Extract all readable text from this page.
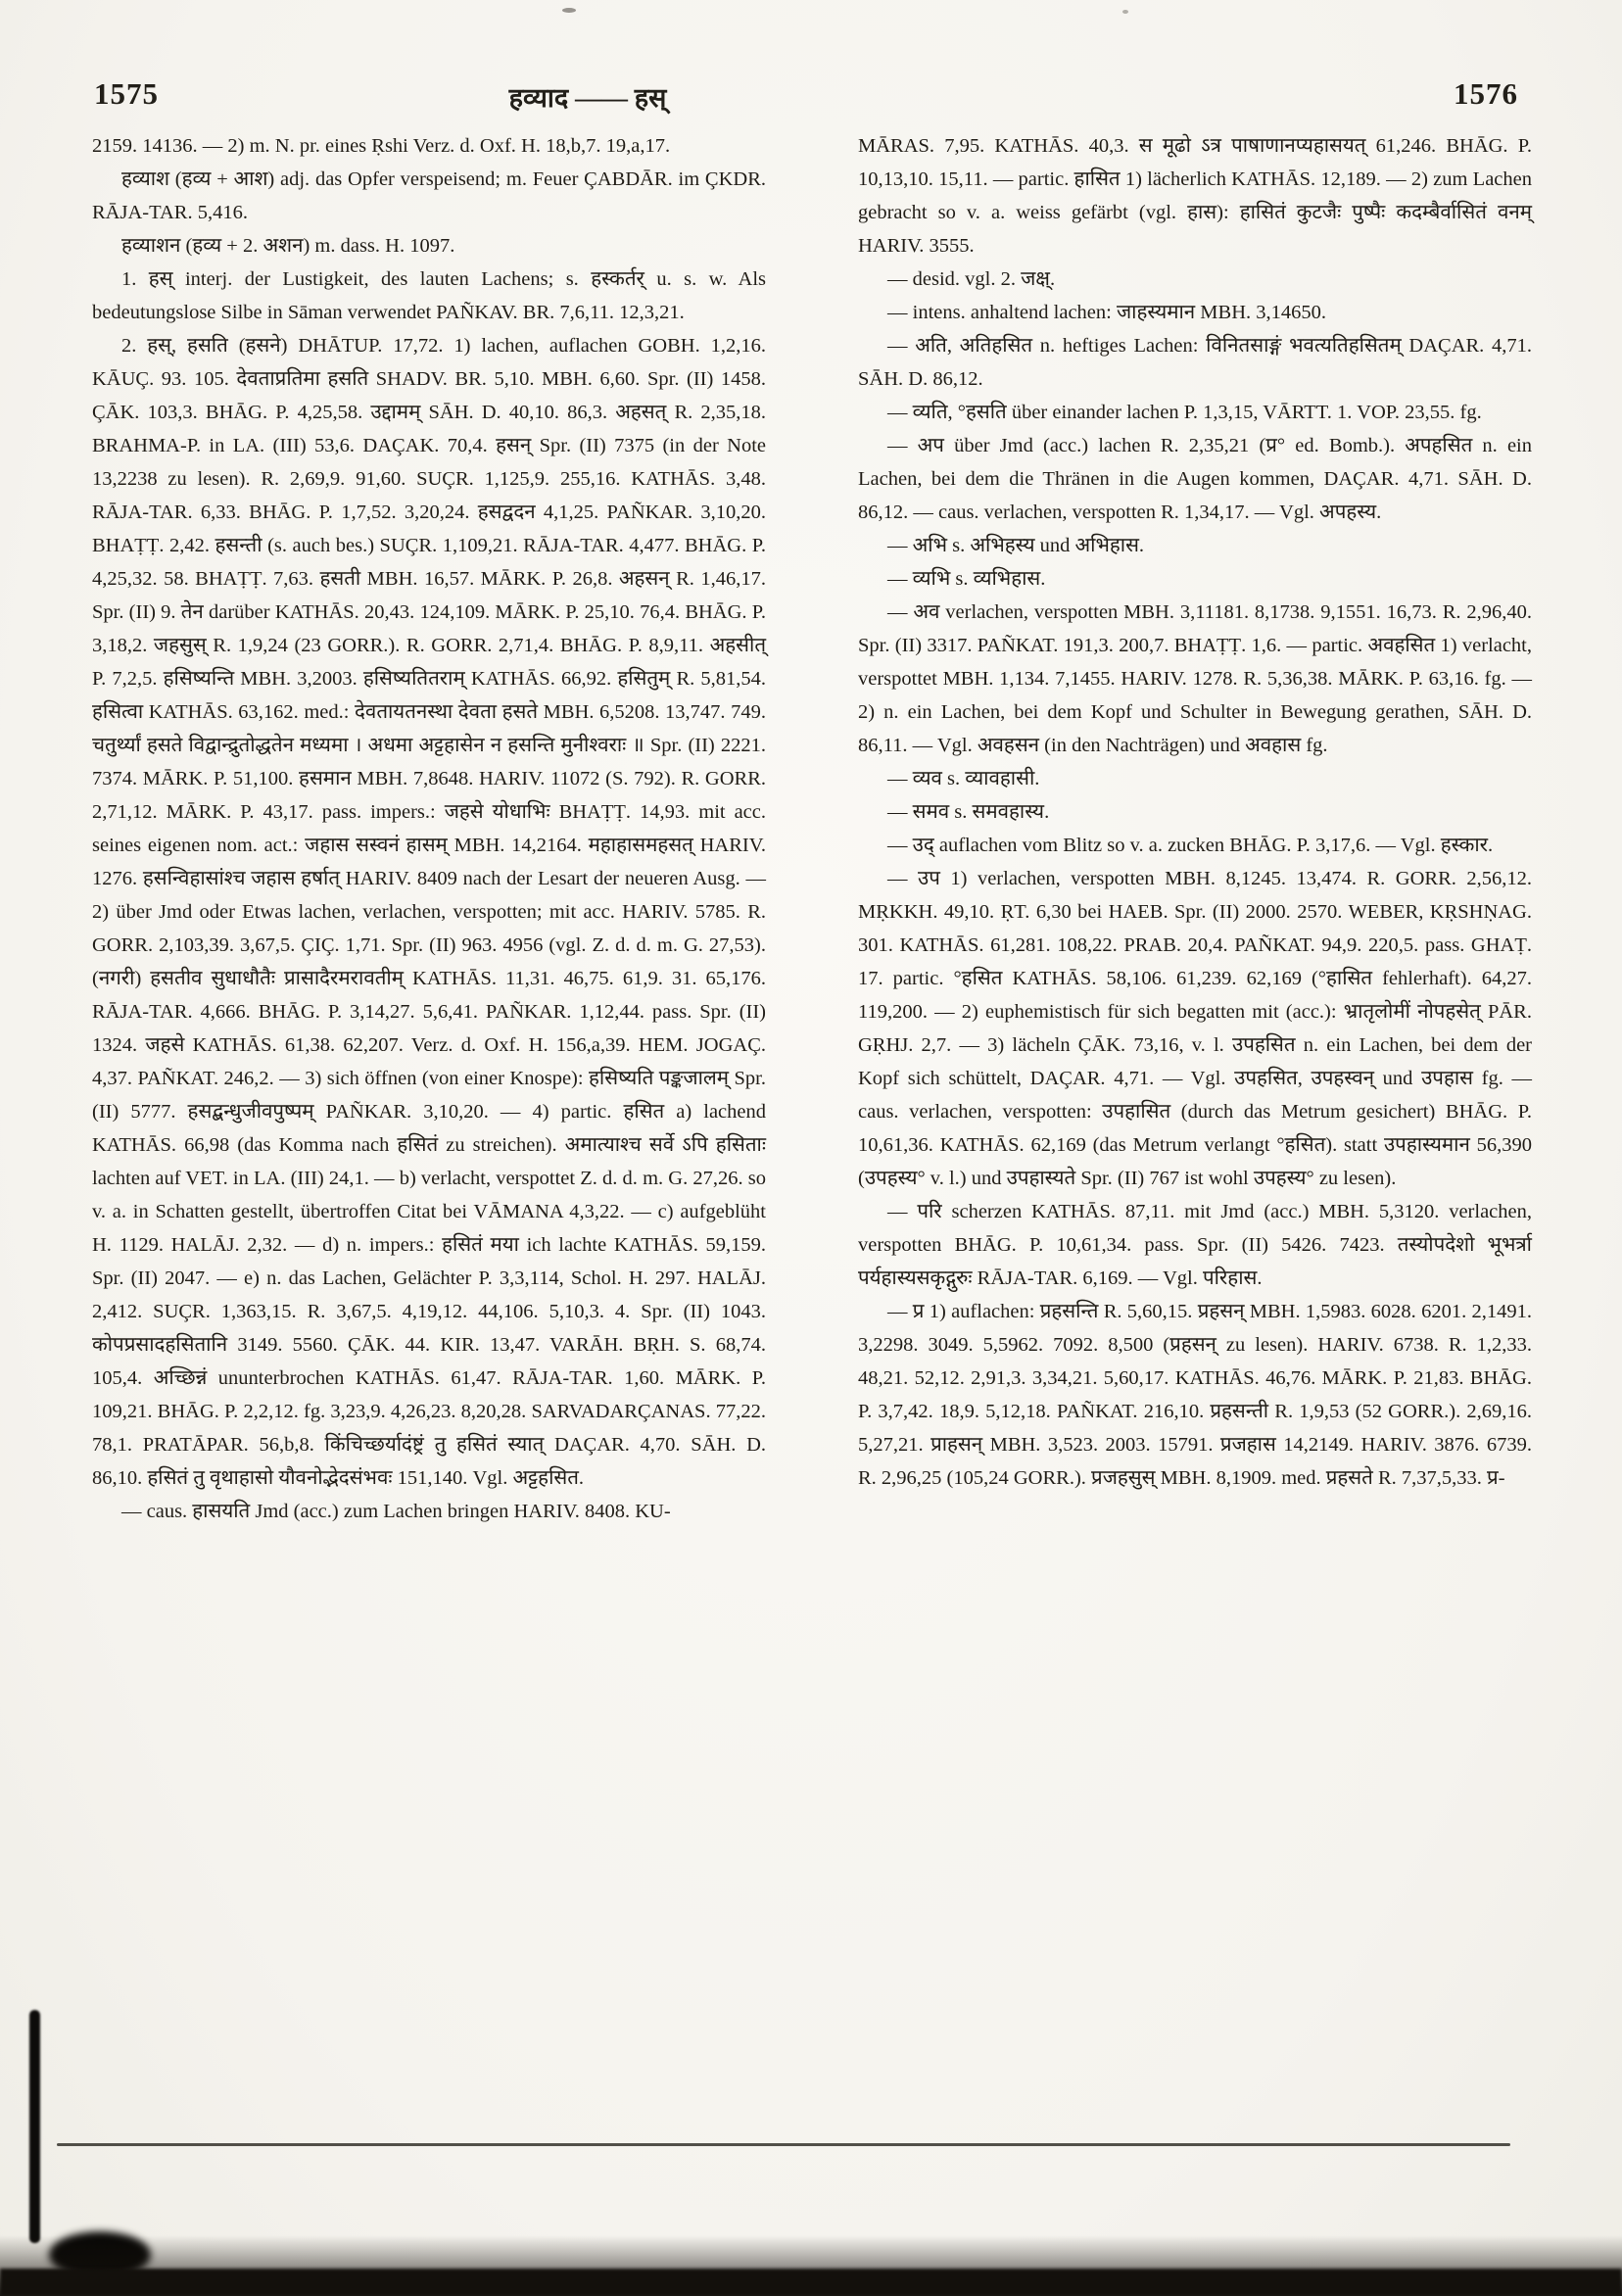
1575	हव्याद —— हस्	1576

2159. 14136. — 2) m. N. pr. eines Ṛshi Verz. d. Oxf. H. 18,b,7. 19,a,17.

हव्याश (हव्य + आश) adj. das Opfer verspeisend; m. Feuer ÇABDĀR. im ÇKDR. RĀJA-TAR. 5,416.

हव्याशन (हव्य + 2. अशन) m. dass. H. 1097.

1. हस् interj. der Lustigkeit, des lauten Lachens; s. हस्कर्तर् u. s. w. Als bedeutungslose Silbe in Sāman verwendet PAÑKAV. BR. 7,6,11. 12,3,21.

2. हस्, हसति (हसने) DHĀTUP. 17,72. 1) lachen, auflachen GOBH. 1,2,16. KĀUÇ. 93. 105. देवताप्रतिमा हसति SHADV. BR. 5,10. MBH. 6,60. Spr. (II) 1458. ÇĀK. 103,3. BHĀG. P. 4,25,58. उद्दामम् SĀH. D. 40,10. 86,3. अहसत् R. 2,35,18. BRAHMA-P. in LA. (III) 53,6. DAÇAK. 70,4. हसन् Spr. (II) 7375 (in der Note 13,2238 zu lesen). R. 2,69,9. 91,60. SUÇR. 1,125,9. 255,16. KATHĀS. 3,48. RĀJA-TAR. 6,33. BHĀG. P. 1,7,52. 3,20,24. हसद्वदन 4,1,25. PAÑKAR. 3,10,20. BHAṬṬ. 2,42. हसन्ती (s. auch bes.) SUÇR. 1,109,21. RĀJA-TAR. 4,477. BHĀG. P. 4,25,32. 58. BHAṬṬ. 7,63. हसती MBH. 16,57. MĀRK. P. 26,8. अहसन् R. 1,46,17. Spr. (II) 9. तेन darüber KATHĀS. 20,43. 124,109. MĀRK. P. 25,10. 76,4. BHĀG. P. 3,18,2. जहसुस् R. 1,9,24 (23 GORR.). R. GORR. 2,71,4. BHĀG. P. 8,9,11. अहसीत् P. 7,2,5. हसिष्यन्ति MBH. 3,2003. हसिष्यतितराम् KATHĀS. 66,92. हसितुम् R. 5,81,54. हसित्वा KATHĀS. 63,162. med.: देवतायतनस्था देवता हसते MBH. 6,5208. 13,747. 749. चतुर्थ्यां हसते विद्वान्द्रुतोद्धतेन मध्यमा । अधमा अट्टहासेन न हसन्ति मुनीश्वराः ॥ Spr. (II) 2221. 7374. MĀRK. P. 51,100. हसमान MBH. 7,8648. HARIV. 11072 (S. 792). R. GORR. 2,71,12. MĀRK. P. 43,17. pass. impers.: जहसे योधाभिः BHAṬṬ. 14,93. mit acc. seines eigenen nom. act.: जहास सस्वनं हासम् MBH. 14,2164. महाहासमहसत् HARIV. 1276. हसन्विहासांश्च जहास हर्षात् HARIV. 8409 nach der Lesart der neueren Ausg. — 2) über Jmd oder Etwas lachen, verlachen, verspotten; mit acc. HARIV. 5785. R. GORR. 2,103,39. 3,67,5. ÇIÇ. 1,71. Spr. (II) 963. 4956 (vgl. Z. d. d. m. G. 27,53). (नगरी) हसतीव सुधाधौतैः प्रासादैरमरावतीम् KATHĀS. 11,31. 46,75. 61,9. 31. 65,176. RĀJA-TAR. 4,666. BHĀG. P. 3,14,27. 5,6,41. PAÑKAR. 1,12,44. pass. Spr. (II) 1324. जहसे KATHĀS. 61,38. 62,207. Verz. d. Oxf. H. 156,a,39. HEM. JOGAÇ. 4,37. PAÑKAT. 246,2. — 3) sich öffnen (von einer Knospe): हसिष्यति पङ्कजालम् Spr. (II) 5777. हसद्बन्धुजीवपुष्पम् PAÑKAR. 3,10,20. — 4) partic. हसित a) lachend KATHĀS. 66,98 (das Komma nach हसितं zu streichen). अमात्याश्च सर्वे ऽपि हसिताः lachten auf VET. in LA. (III) 24,1. — b) verlacht, verspottet Z. d. d. m. G. 27,26. so v. a. in Schatten gestellt, übertroffen Citat bei VĀMANA 4,3,22. — c) aufgeblüht H. 1129. HALĀJ. 2,32. — d) n. impers.: हसितं मया ich lachte KATHĀS. 59,159. Spr. (II) 2047. — e) n. das Lachen, Gelächter P. 3,3,114, Schol. H. 297. HALĀJ. 2,412. SUÇR. 1,363,15. R. 3,67,5. 4,19,12. 44,106. 5,10,3. 4. Spr. (II) 1043. कोपप्रसादहसितानि 3149. 5560. ÇĀK. 44. KIR. 13,47. VARĀH. BṚH. S. 68,74. 105,4. अच्छिन्नं ununterbrochen KATHĀS. 61,47. RĀJA-TAR. 1,60. MĀRK. P. 109,21. BHĀG. P. 2,2,12. fg. 3,23,9. 4,26,23. 8,20,28. SARVADARÇANAS. 77,22. 78,1. PRATĀPAR. 56,b,8. किंचिच्छर्यादंष्ट्रं तु हसितं स्यात् DAÇAR. 4,70. SĀH. D. 86,10. हसितं तु वृथाहासो यौवनोद्भेदसंभवः 151,140. Vgl. अट्टहसित.

— caus. हासयति Jmd (acc.) zum Lachen bringen HARIV. 8408. KU-

MĀRAS. 7,95. KATHĀS. 40,3. स मूढो ऽत्र पाषाणानप्यहासयत् 61,246. BHĀG. P. 10,13,10. 15,11. — partic. हासित 1) lächerlich KATHĀS. 12,189. — 2) zum Lachen gebracht so v. a. weiss gefärbt (vgl. हास): हासितं कुटजैः पुष्पैः कदम्बैर्वासितं वनम् HARIV. 3555.

— desid. vgl. 2. जक्ष्.

— intens. anhaltend lachen: जाहस्यमान MBH. 3,14650.

— अति, अतिहसित n. heftiges Lachen: विनितसाङ्गं भवत्यतिहसितम् DAÇAR. 4,71. SĀH. D. 86,12.

— व्यति, °हसति über einander lachen P. 1,3,15, VĀRTT. 1. VOP. 23,55. fg.

— अप über Jmd (acc.) lachen R. 2,35,21 (प्र° ed. Bomb.). अपहसित n. ein Lachen, bei dem die Thränen in die Augen kommen, DAÇAR. 4,71. SĀH. D. 86,12. — caus. verlachen, verspotten R. 1,34,17. — Vgl. अपहस्य.

— अभि s. अभिहस्य und अभिहास.

— व्यभि s. व्यभिहास.

— अव verlachen, verspotten MBH. 3,11181. 8,1738. 9,1551. 16,73. R. 2,96,40. Spr. (II) 3317. PAÑKAT. 191,3. 200,7. BHAṬṬ. 1,6. — partic. अवहसित 1) verlacht, verspottet MBH. 1,134. 7,1455. HARIV. 1278. R. 5,36,38. MĀRK. P. 63,16. fg. — 2) n. ein Lachen, bei dem Kopf und Schulter in Bewegung gerathen, SĀH. D. 86,11. — Vgl. अवहसन (in den Nachträgen) und अवहास fg.

— व्यव s. व्यावहासी.

— समव s. समवहास्य.

— उद् auflachen vom Blitz so v. a. zucken BHĀG. P. 3,17,6. — Vgl. हस्कार.

— उप 1) verlachen, verspotten MBH. 8,1245. 13,474. R. GORR. 2,56,12. MṚKKH. 49,10. ṚT. 6,30 bei HAEB. Spr. (II) 2000. 2570. WEBER, KṚSHṆAG. 301. KATHĀS. 61,281. 108,22. PRAB. 20,4. PAÑKAT. 94,9. 220,5. pass. GHAṬ. 17. partic. °हसित KATHĀS. 58,106. 61,239. 62,169 (°हासित fehlerhaft). 64,27. 119,200. — 2) euphemistisch für sich begatten mit (acc.): भ्रातृलोमीं नोपहसेत् PĀR. GṚHJ. 2,7. — 3) lächeln ÇĀK. 73,16, v. l. उपहसित n. ein Lachen, bei dem der Kopf sich schüttelt, DAÇAR. 4,71. — Vgl. उपहसित, उपहस्वन् und उपहास fg. — caus. verlachen, verspotten: उपहासित (durch das Metrum gesichert) BHĀG. P. 10,61,36. KATHĀS. 62,169 (das Metrum verlangt °हसित). statt उपहास्यमान 56,390 (उपहस्य° v. l.) und उपहास्यते Spr. (II) 767 ist wohl उपहस्य° zu lesen).

— परि scherzen KATHĀS. 87,11. mit Jmd (acc.) MBH. 5,3120. verlachen, verspotten BHĀG. P. 10,61,34. pass. Spr. (II) 5426. 7423. तस्योपदेशो भूभर्त्रा पर्यहास्यसकृद्गुरुः RĀJA-TAR. 6,169. — Vgl. परिहास.

— प्र 1) auflachen: प्रहसन्ति R. 5,60,15. प्रहसन् MBH. 1,5983. 6028. 6201. 2,1491. 3,2298. 3049. 5,5962. 7092. 8,500 (प्रहसन् zu lesen). HARIV. 6738. R. 1,2,33. 48,21. 52,12. 2,91,3. 3,34,21. 5,60,17. KATHĀS. 46,76. MĀRK. P. 21,83. BHĀG. P. 3,7,42. 18,9. 5,12,18. PAÑKAT. 216,10. प्रहसन्ती R. 1,9,53 (52 GORR.). 2,69,16. 5,27,21. प्राहसन् MBH. 3,523. 2003. 15791. प्रजहास 14,2149. HARIV. 3876. 6739. R. 2,96,25 (105,24 GORR.). प्रजहसुस् MBH. 8,1909. med. प्रहसते R. 7,37,5,33. प्र-
